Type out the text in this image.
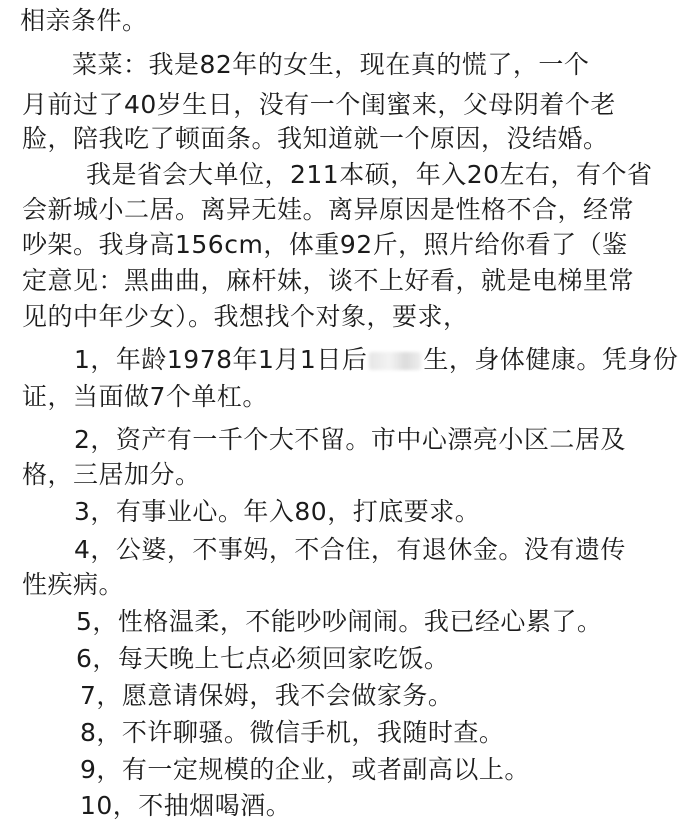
相亲条件。
菜菜：我是82年的女生，现在真的慌了，一个
月前过了40岁生日，没有一个闺蜜来，父母阴着个老
脸，陪我吃了顿面条。我知道就一个原因，没结婚。
我是省会大单位，211本硕，年入20左右，有个省
会新城小二居。离异无娃。离异原因是性格不合，经常
吵架。我身高156cm，体重92斤，照片给你看了（鉴
定意见：黑曲曲，麻杆妹，谈不上好看，就是电梯里常
见的中年少女）。我想找个对象，要求，
1，年龄1978年1月1日后 生，身体健康。凭身份
证，当面做7个单杠。
2，资产有一千个大不留。市中心漂亮小区二居及
格，三居加分。
3，有事业心。年入80，打底要求。
4，公婆，不事妈，不合住，有退休金。没有遗传
性疾病。
5，性格温柔，不能吵吵闹闹。我已经心累了。
6，每天晚上七点必须回家吃饭。
7，愿意请保姆，我不会做家务。
8，不许聊骚。微信手机，我随时查。
9，有一定规模的企业，或者副高以上。
10，不抽烟喝酒。
